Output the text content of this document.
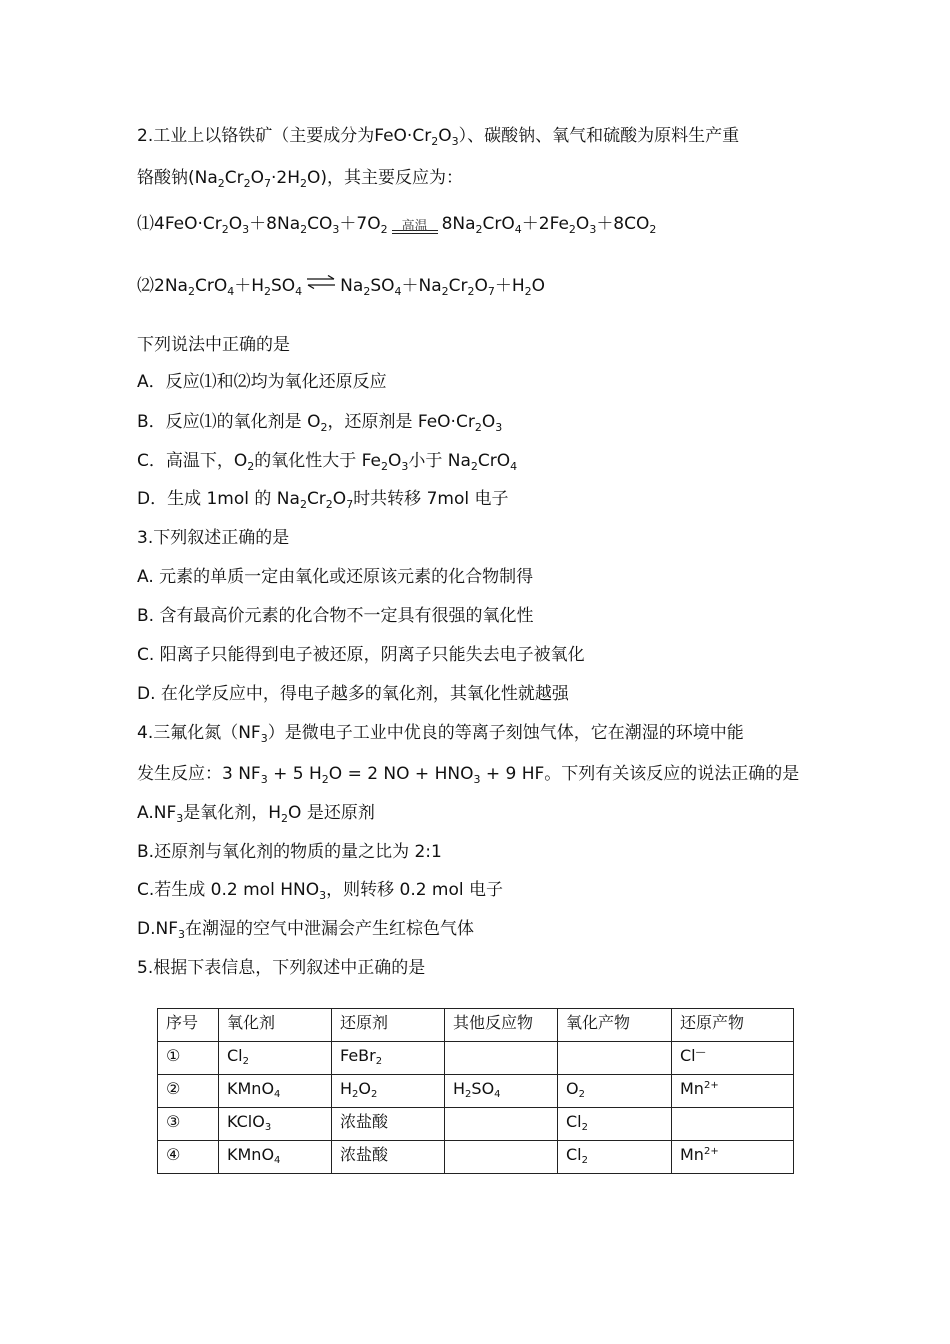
2.工业上以铬铁矿（主要成分为$FeO\cdot Cr_2O_3$）、碳酸钠、氧气和硫酸为原料生产重
铬酸钠$(Na_2Cr_2O_7\cdot 2H_2O)$，其主要反应为：
$⑴4FeO\cdot Cr_2O_3+8Na_2CO_3+7O_2$	高温 $8Na_2CrO_4+2Fe_2O_3+8CO_2$
$⑵2Na_2CrO_4+H_2SO_4$ ⇌ $Na_2SO_4+Na_2Cr_2O_7+H_2O$
下列说法中正确的是
A．反应⑴和⑵均为氧化还原反应
B．反应⑴的氧化剂是 $O_2$，还原剂是 $FeO\cdot Cr_2O_3$
C．高温下，$O_2$的氧化性大于 $Fe_2O_3$小于 $Na_2CrO_4$
D．生成 1mol 的 $Na_2Cr_2O_7$时共转移 7mol 电子
3.下列叙述正确的是
A. 元素的单质一定由氧化或还原该元素的化合物制得
B. 含有最高价元素的化合物不一定具有很强的氧化性
C. 阳离子只能得到电子被还原，阴离子只能失去电子被氧化
D. 在化学反应中，得电子越多的氧化剂，其氧化性就越强
4.三氟化氮$(NF_3)$是微电子工业中优良的等离子刻蚀气体，它在潮湿的环境中能
发生反应：3 $NF_3 + 5$ $H_2O = 2$ NO + $HNO_3 + 9$ HF。下列有关该反应的说法正确的是
$A.NF_3$是氧化剂，$H_2O$ 是还原剂
B.还原剂与氧化剂的物质的量之比为 2:1
C.若生成 0.2 mol $HNO_3$，则转移 0.2 mol 电子
$D.NF_3$在潮湿的空气中泄漏会产生红棕色气体
5.根据下表信息，下列叙述中正确的是
序号	氧化剂	还原剂	其他反应物	氧化产物	还原产物
①	$Cl_2$	FeBr$_2$			Cl—
②	KMnO$_4$	$H_2O_2$	$H_2SO_4$	$O_2$	$Mn^{2+}$
③	KClO$_3$	浓盐酸		$Cl_2$	
④	KMnO$_4$	浓盐酸		$Cl_2$	$Mn^{2+}$
